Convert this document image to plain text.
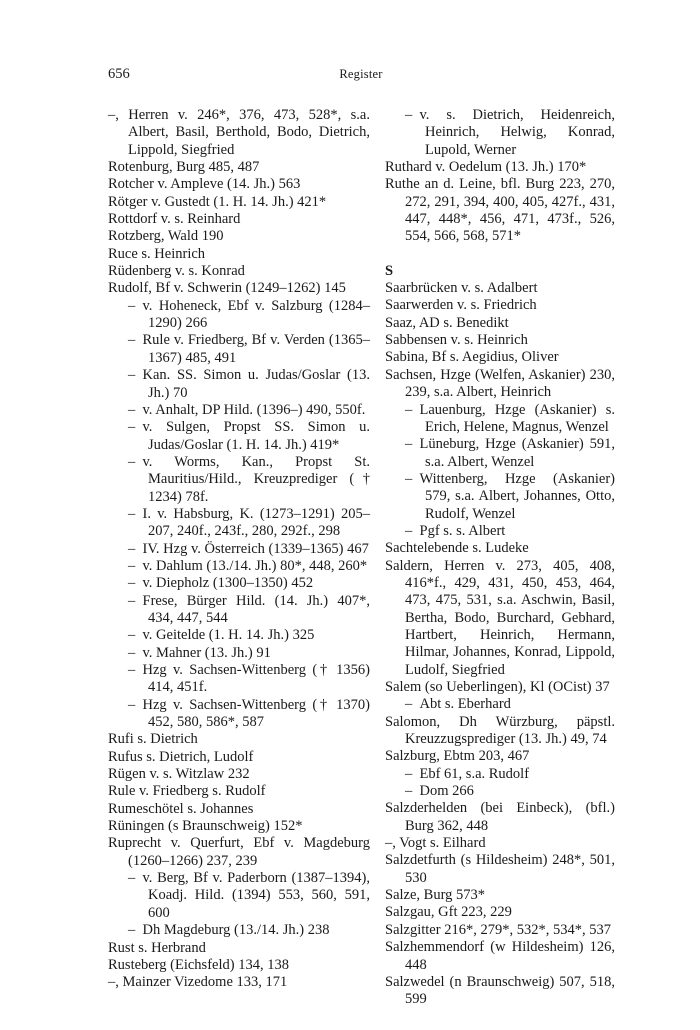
656	Register
–, Herren v. 246*, 376, 473, 528*, s.a. Albert, Basil, Berthold, Bodo, Dietrich, Lippold, Siegfried
Rotenburg, Burg 485, 487
Rotcher v. Ampleve (14. Jh.) 563
Rötger v. Gustedt (1. H. 14. Jh.) 421*
Rottdorf v. s. Reinhard
Rotzberg, Wald 190
Ruce s. Heinrich
Rüdenberg v. s. Konrad
Rudolf, Bf v. Schwerin (1249–1262) 145
– v. Hoheneck, Ebf v. Salzburg (1284–1290) 266
– Rule v. Friedberg, Bf v. Verden (1365–1367) 485, 491
– Kan. SS. Simon u. Judas/Goslar (13. Jh.) 70
– v. Anhalt, DP Hild. (1396–) 490, 550f.
– v. Sulgen, Propst SS. Simon u. Judas/Goslar (1. H. 14. Jh.) 419*
– v. Worms, Kan., Propst St. Mauritius/Hild., Kreuzprediger († 1234) 78f.
– I. v. Habsburg, K. (1273–1291) 205–207, 240f., 243f., 280, 292f., 298
– IV. Hzg v. Österreich (1339–1365) 467
– v. Dahlum (13./14. Jh.) 80*, 448, 260*
– v. Diepholz (1300–1350) 452
– Frese, Bürger Hild. (14. Jh.) 407*, 434, 447, 544
– v. Geitelde (1. H. 14. Jh.) 325
– v. Mahner (13. Jh.) 91
– Hzg v. Sachsen-Wittenberg († 1356) 414, 451f.
– Hzg v. Sachsen-Wittenberg († 1370) 452, 580, 586*, 587
Rufi s. Dietrich
Rufus s. Dietrich, Ludolf
Rügen v. s. Witzlaw 232
Rule v. Friedberg s. Rudolf
Rumeschötel s. Johannes
Rüningen (s Braunschweig) 152*
Ruprecht v. Querfurt, Ebf v. Magdeburg (1260–1266) 237, 239
– v. Berg, Bf v. Paderborn (1387–1394), Koadj. Hild. (1394) 553, 560, 591, 600
– Dh Magdeburg (13./14. Jh.) 238
Rust s. Herbrand
Rusteberg (Eichsfeld) 134, 138
–, Mainzer Vizedome 133, 171
– v. s. Dietrich, Heidenreich, Heinrich, Helwig, Konrad, Lupold, Werner
Ruthard v. Oedelum (13. Jh.) 170*
Ruthe an d. Leine, bfl. Burg 223, 270, 272, 291, 394, 400, 405, 427f., 431, 447, 448*, 456, 471, 473f., 526, 554, 566, 568, 571*
S
Saarbrücken v. s. Adalbert
Saarwerden v. s. Friedrich
Saaz, AD s. Benedikt
Sabbensen v. s. Heinrich
Sabina, Bf s. Aegidius, Oliver
Sachsen, Hzge (Welfen, Askanier) 230, 239, s.a. Albert, Heinrich
– Lauenburg, Hzge (Askanier) s. Erich, Helene, Magnus, Wenzel
– Lüneburg, Hzge (Askanier) 591, s.a. Albert, Wenzel
– Wittenberg, Hzge (Askanier) 579, s.a. Albert, Johannes, Otto, Rudolf, Wenzel
– Pgf s. s. Albert
Sachtelebende s. Ludeke
Saldern, Herren v. 273, 405, 408, 416*f., 429, 431, 450, 453, 464, 473, 475, 531, s.a. Aschwin, Basil, Bertha, Bodo, Burchard, Gebhard, Hartbert, Heinrich, Hermann, Hilmar, Johannes, Konrad, Lippold, Ludolf, Siegfried
Salem (so Ueberlingen), Kl (OCist) 37
– Abt s. Eberhard
Salomon, Dh Würzburg, päpstl. Kreuzzugsprediger (13. Jh.) 49, 74
Salzburg, Ebtm 203, 467
– Ebf 61, s.a. Rudolf
– Dom 266
Salzderhelden (bei Einbeck), (bfl.) Burg 362, 448
–, Vogt s. Eilhard
Salzdetfurth (s Hildesheim) 248*, 501, 530
Salze, Burg 573*
Salzgau, Gft 223, 229
Salzgitter 216*, 279*, 532*, 534*, 537
Salzhemmendorf (w Hildesheim) 126, 448
Salzwedel (n Braunschweig) 507, 518, 599
